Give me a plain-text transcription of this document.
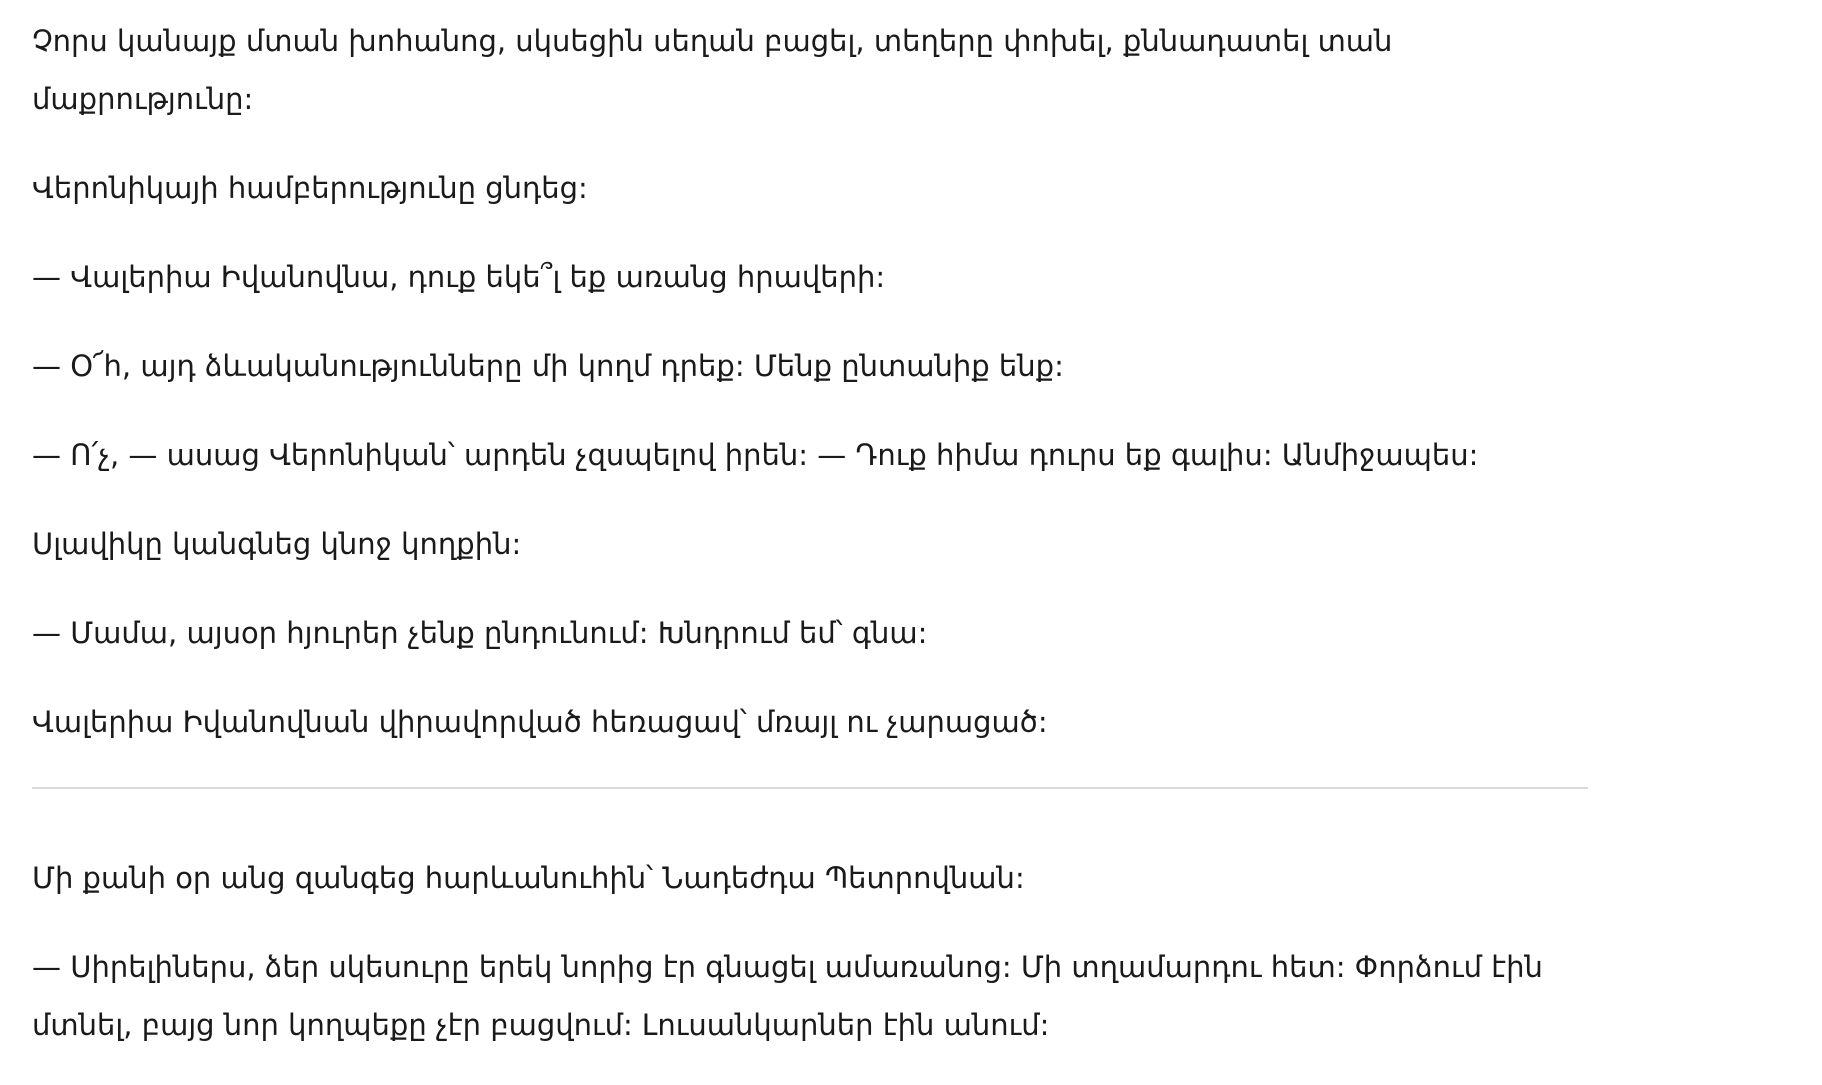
Չորս կանայք մտան խոհանոց, սկսեցին սեղան բացել, տեղերը փոխել, քննադատել տան մաքրությունը:

Վերոնիկայի համբերությունը ցնդեց:

— Վալերիա Իվանովնա, դուք եկե՞լ եք առանց հրավերի:

— Օ՜հ, այդ ձևականությունները մի կողմ դրեք: Մենք ընտանիք ենք:

— Ո՛չ, — ասաց Վերոնիկան՝ արդեն չզսպելով իրեն: — Դուք հիմա դուրս եք գալիս: Անմիջապես:

Սլավիկը կանգնեց կնոջ կողքին:

— Մամա, այսօր հյուրեր չենք ընդունում: Խնդրում եմ՝ գնա:

Վալերիա Իվանովնան վիրավորված հեռացավ՝ մռայլ ու չարացած:

Մի քանի օր անց զանգեց հարևանուհին՝ Նադեժդա Պետրովնան:

— Սիրելիներս, ձեր սկեսուրը երեկ նորից էր գնացել ամառանոց: Մի տղամարդու հետ: Փորձում էին մտնել, բայց նոր կողպեքը չէր բացվում: Լուսանկարներ էին անում:
